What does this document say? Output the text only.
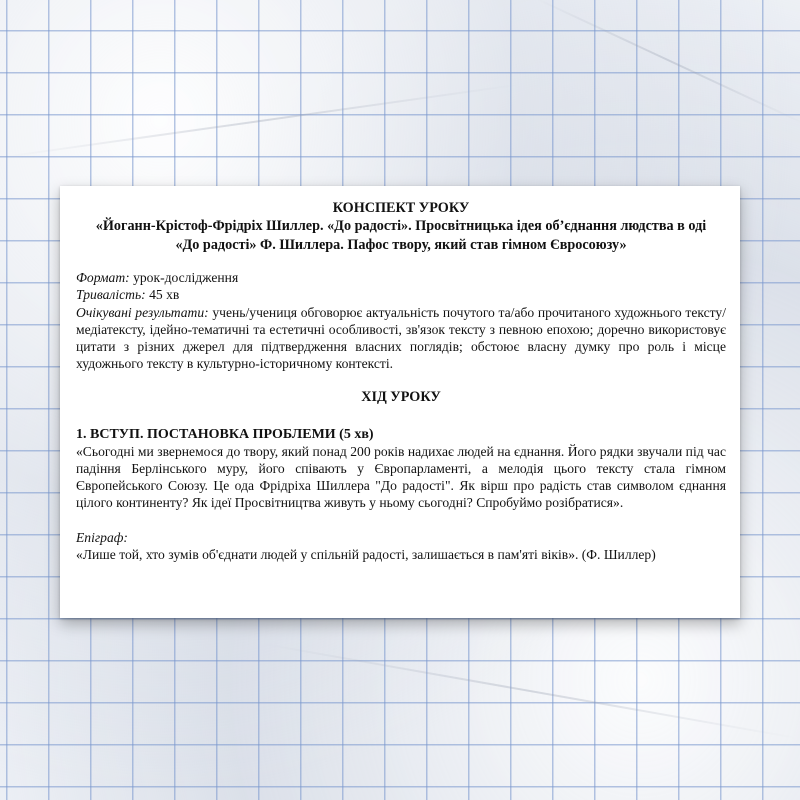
КОНСПЕКТ УРОКУ

«Йоганн-Крістоф-Фрідріх Шиллер. «До радості». Просвітницька ідея об’єднання людства в оді

«До радості» Ф. Шиллера. Пафос твору, який став гімном Євросоюзу»

Формат: урок-дослідження

Тривалість: 45 хв

Очікувані результати: учень/учениця обговорює актуальність почутого та/або прочитаного художнього тексту/медіатексту, ідейно-тематичні та естетичні особливості, зв'язок тексту з певною епохою; доречно використовує цитати з різних джерел для підтвердження власних поглядів; обстоює власну думку про роль і місце художнього тексту в культурно-історичному контексті.

ХІД УРОКУ

1. ВСТУП. ПОСТАНОВКА ПРОБЛЕМИ (5 хв)

«Сьогодні ми звернемося до твору, який понад 200 років надихає людей на єднання. Його рядки звучали під час падіння Берлінського муру, його співають у Європарламенті, а мелодія цього тексту стала гімном Європейського Союзу. Це ода Фрідріха Шиллера "До радості". Як вірш про радість став символом єднання цілого континенту? Як ідеї Просвітництва живуть у ньому сьогодні? Спробуймо розібратися».

Епіграф:

«Лише той, хто зумів об'єднати людей у спільній радості, залишається в пам'яті віків». (Ф. Шиллер)
